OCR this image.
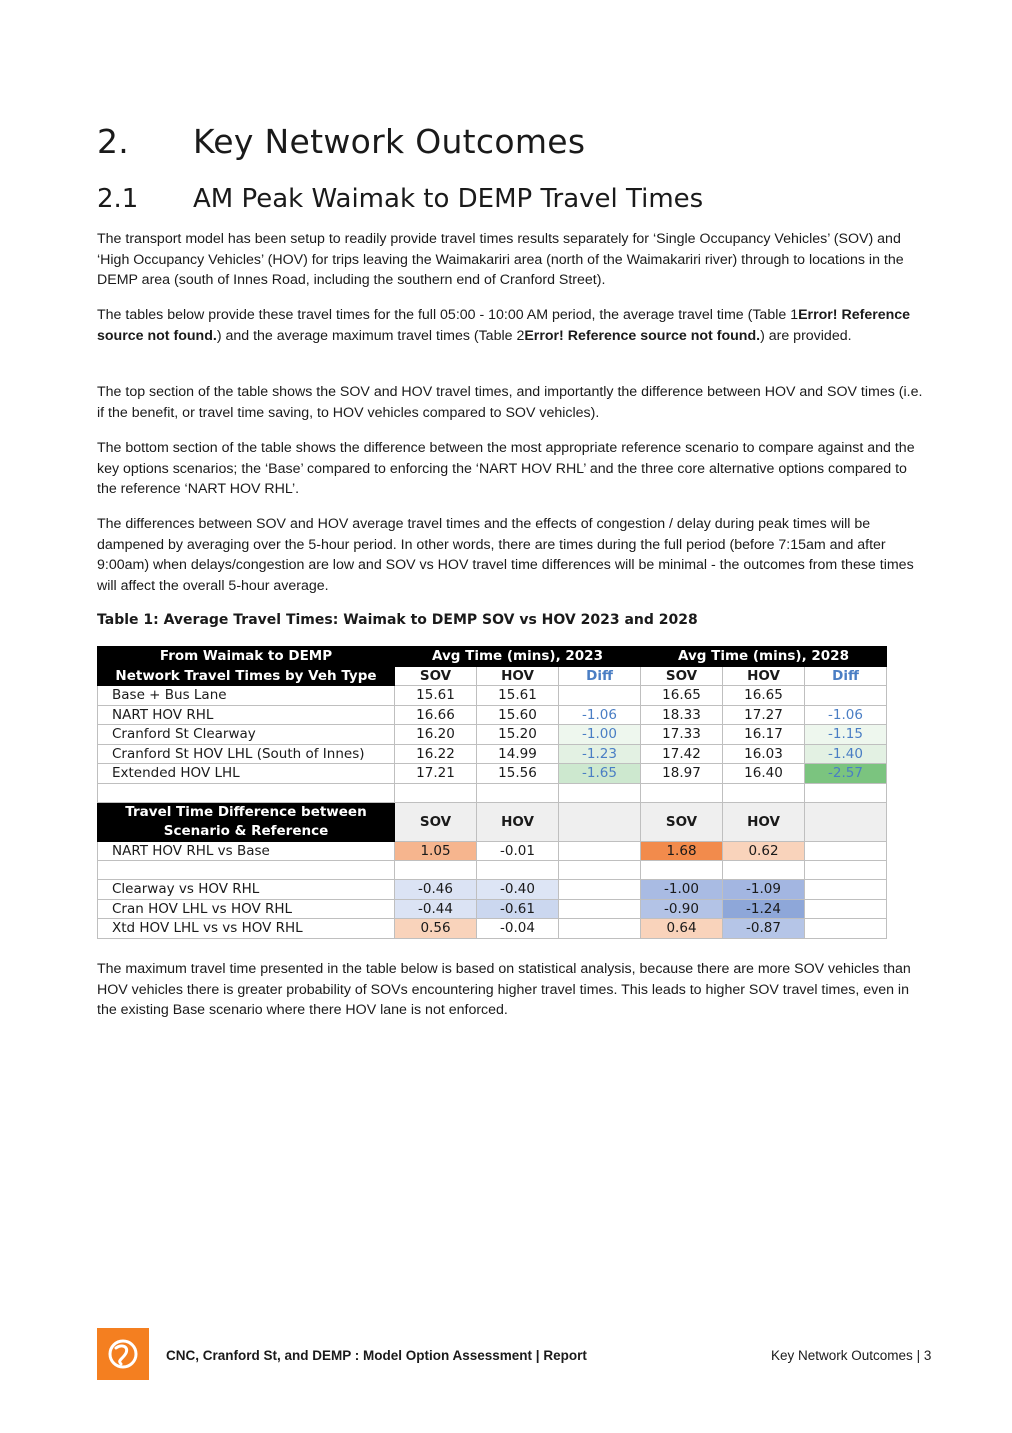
2. Key Network Outcomes
2.1 AM Peak Waimak to DEMP Travel Times

The transport model has been setup to readily provide travel times results separately for ‘Single Occupancy Vehicles’ (SOV) and ‘High Occupancy Vehicles’ (HOV) for trips leaving the Waimakariri area (north of the Waimakariri river) through to locations in the DEMP area (south of Innes Road, including the southern end of Cranford Street).

The tables below provide these travel times for the full 05:00 - 10:00 AM period, the average travel time (Table 1Error! Reference source not found.) and the average maximum travel times (Table 2Error! Reference source not found.) are provided.

The top section of the table shows the SOV and HOV travel times, and importantly the difference between HOV and SOV times (i.e. if the benefit, or travel time saving, to HOV vehicles compared to SOV vehicles).

The bottom section of the table shows the difference between the most appropriate reference scenario to compare against and the key options scenarios; the ‘Base’ compared to enforcing the ‘NART HOV RHL’ and the three core alternative options compared to the reference ‘NART HOV RHL’.

The differences between SOV and HOV average travel times and the effects of congestion / delay during peak times will be dampened by averaging over the 5-hour period. In other words, there are times during the full period (before 7:15am and after 9:00am) when delays/congestion are low and SOV vs HOV travel time differences will be minimal - the outcomes from these times will affect the overall 5-hour average.

Table 1: Average Travel Times: Waimak to DEMP SOV vs HOV 2023 and 2028

From Waimak to DEMP	Avg Time (mins), 2023			Avg Time (mins), 2028		
Network Travel Times by Veh Type	SOV	HOV	Diff	SOV	HOV	Diff
Base + Bus Lane	15.61	15.61		16.65	16.65	
NART HOV RHL	16.66	15.60	-1.06	18.33	17.27	-1.06
Cranford St Clearway	16.20	15.20	-1.00	17.33	16.17	-1.15
Cranford St HOV LHL (South of Innes)	16.22	14.99	-1.23	17.42	16.03	-1.40
Extended HOV LHL	17.21	15.56	-1.65	18.97	16.40	-2.57

Travel Time Difference between
Scenario & Reference	SOV	HOV		SOV	HOV	
NART HOV RHL vs Base	1.05	-0.01		1.68	0.62	

Clearway vs HOV RHL	-0.46	-0.40		-1.00	-1.09	
Cran HOV LHL vs HOV RHL	-0.44	-0.61		-0.90	-1.24	
Xtd HOV LHL vs vs HOV RHL	0.56	-0.04		0.64	-0.87	

The maximum travel time presented in the table below is based on statistical analysis, because there are more SOV vehicles than HOV vehicles there is greater probability of SOVs encountering higher travel times. This leads to higher SOV travel times, even in the existing Base scenario where there HOV lane is not enforced.

CNC, Cranford St, and DEMP : Model Option Assessment | Report	Key Network Outcomes | 3
